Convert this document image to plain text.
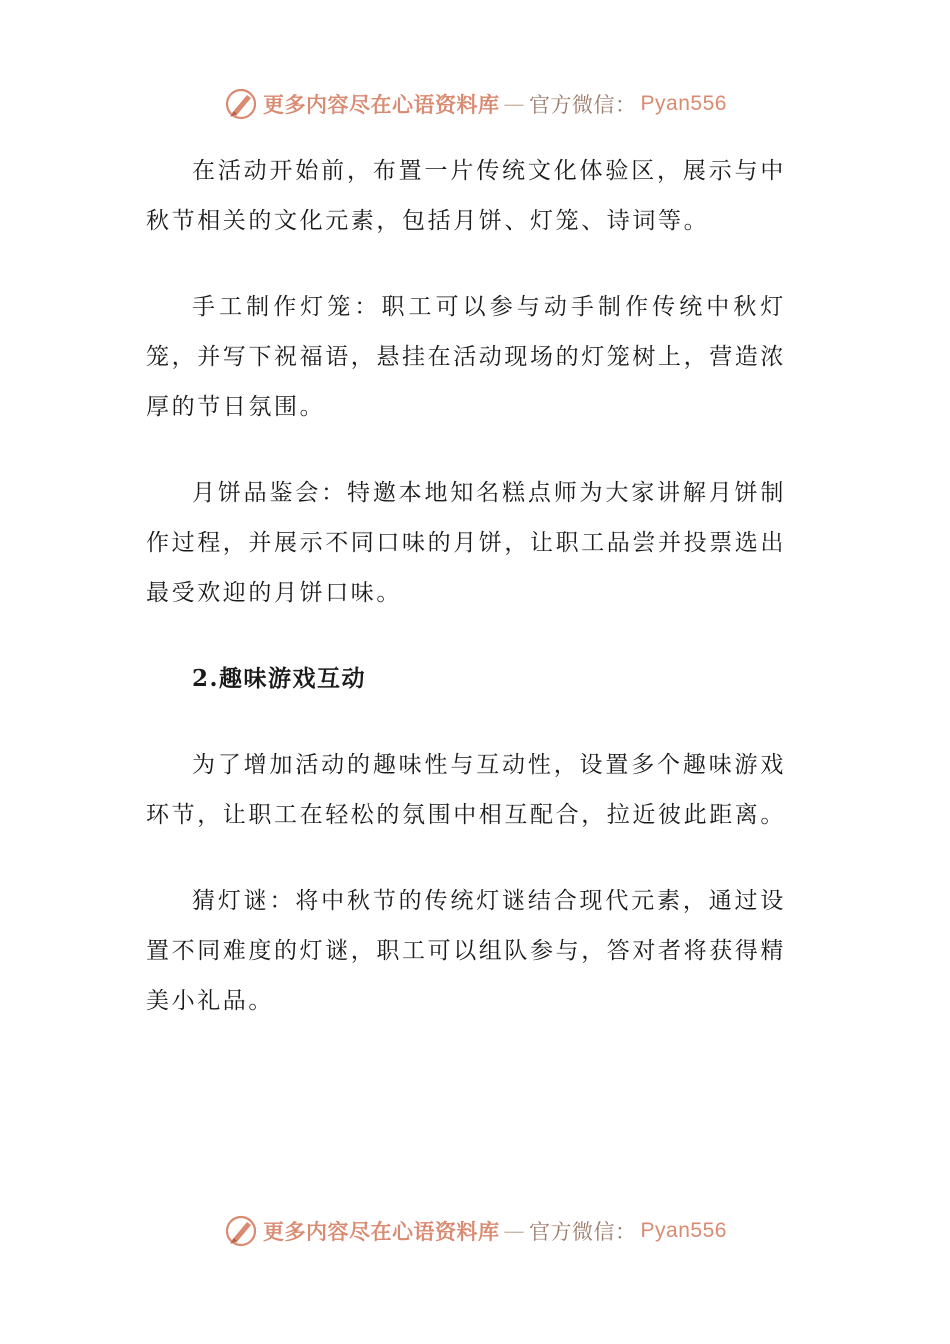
更多内容尽在心语资料库 — 官方微信： Pyan556

在活动开始前，布置一片传统文化体验区，展示与中秋节相关的文化元素，包括月饼、灯笼、诗词等。

手工制作灯笼：职工可以参与动手制作传统中秋灯笼，并写下祝福语，悬挂在活动现场的灯笼树上，营造浓厚的节日氛围。

月饼品鉴会：特邀本地知名糕点师为大家讲解月饼制作过程，并展示不同口味的月饼，让职工品尝并投票选出最受欢迎的月饼口味。

2.趣味游戏互动

为了增加活动的趣味性与互动性，设置多个趣味游戏环节，让职工在轻松的氛围中相互配合，拉近彼此距离。

猜灯谜：将中秋节的传统灯谜结合现代元素，通过设置不同难度的灯谜，职工可以组队参与，答对者将获得精美小礼品。

更多内容尽在心语资料库 — 官方微信： Pyan556
